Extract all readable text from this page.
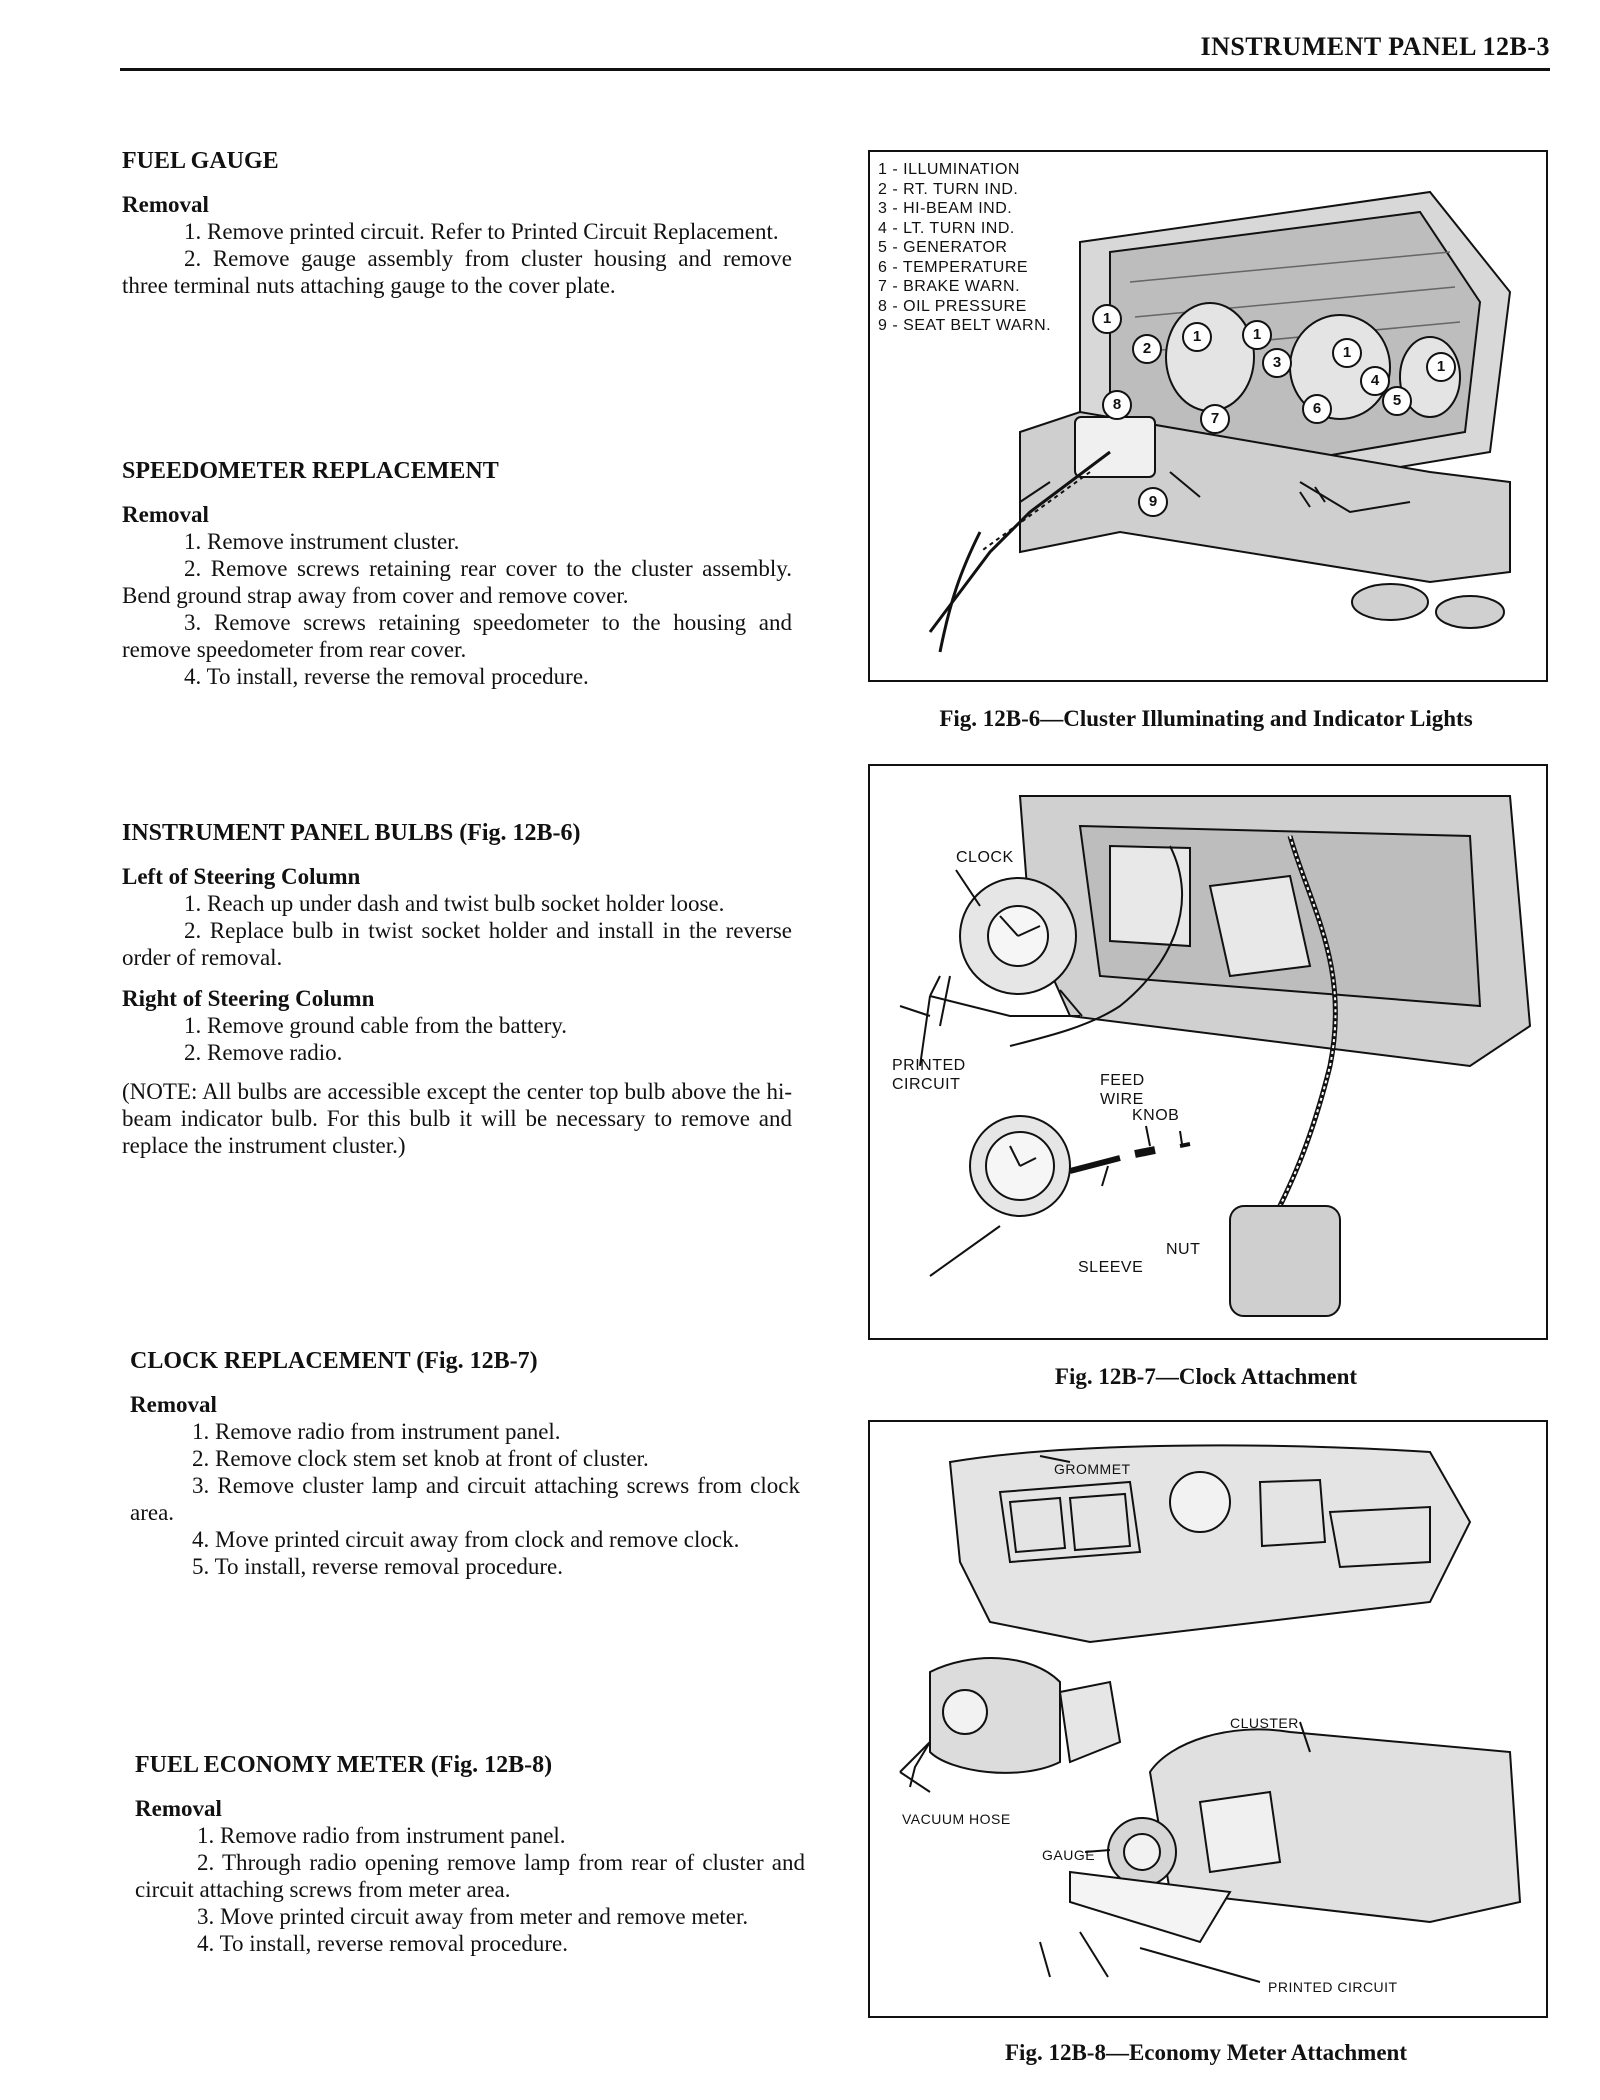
INSTRUMENT PANEL 12B-3
FUEL GAUGE
Removal

1. Remove printed circuit. Refer to Printed Circuit Replacement.

2. Remove gauge assembly from cluster housing and remove three terminal nuts attaching gauge to the cover plate.

SPEEDOMETER REPLACEMENT
Removal

1. Remove instrument cluster.

2. Remove screws retaining rear cover to the cluster assembly. Bend ground strap away from cover and remove cover.

3. Remove screws retaining speedometer to the housing and remove speedometer from rear cover.

4. To install, reverse the removal procedure.

INSTRUMENT PANEL BULBS (Fig. 12B-6)
Left of Steering Column

1. Reach up under dash and twist bulb socket holder loose.

2. Replace bulb in twist socket holder and install in the reverse order of removal.

Right of Steering Column

1. Remove ground cable from the battery.

2. Remove radio.

(NOTE: All bulbs are accessible except the center top bulb above the hi-beam indicator bulb. For this bulb it will be necessary to remove and replace the instrument cluster.)

CLOCK REPLACEMENT (Fig. 12B-7)
Removal

1. Remove radio from instrument panel.

2. Remove clock stem set knob at front of cluster.

3. Remove cluster lamp and circuit attaching screws from clock area.

4. Move printed circuit away from clock and remove clock.

5. To install, reverse removal procedure.

FUEL ECONOMY METER (Fig. 12B-8)
Removal

1. Remove radio from instrument panel.

2. Through radio opening remove lamp from rear of cluster and circuit attaching screws from meter area.

3. Move printed circuit away from meter and remove meter.

4. To install, reverse removal procedure.

1 - ILLUMINATION
2 - RT. TURN IND.
3 - HI-BEAM IND.
4 - LT. TURN IND.
5 - GENERATOR
6 - TEMPERATURE
7 - BRAKE WARN.
8 - OIL PRESSURE
9 - SEAT BELT WARN.	1
2
1	1
3
1
4
5
1
6
7
8
9
Fig. 12B-6—Cluster Illuminating and Indicator Lights
CLOCK
PRINTED
CIRCUIT	FEED
WIRE
KNOB
NUT
SLEEVE
Fig. 12B-7—Clock Attachment
GROMMET
CLUSTER
VACUUM HOSE
GAUGE
PRINTED CIRCUIT
Fig. 12B-8—Economy Meter Attachment
